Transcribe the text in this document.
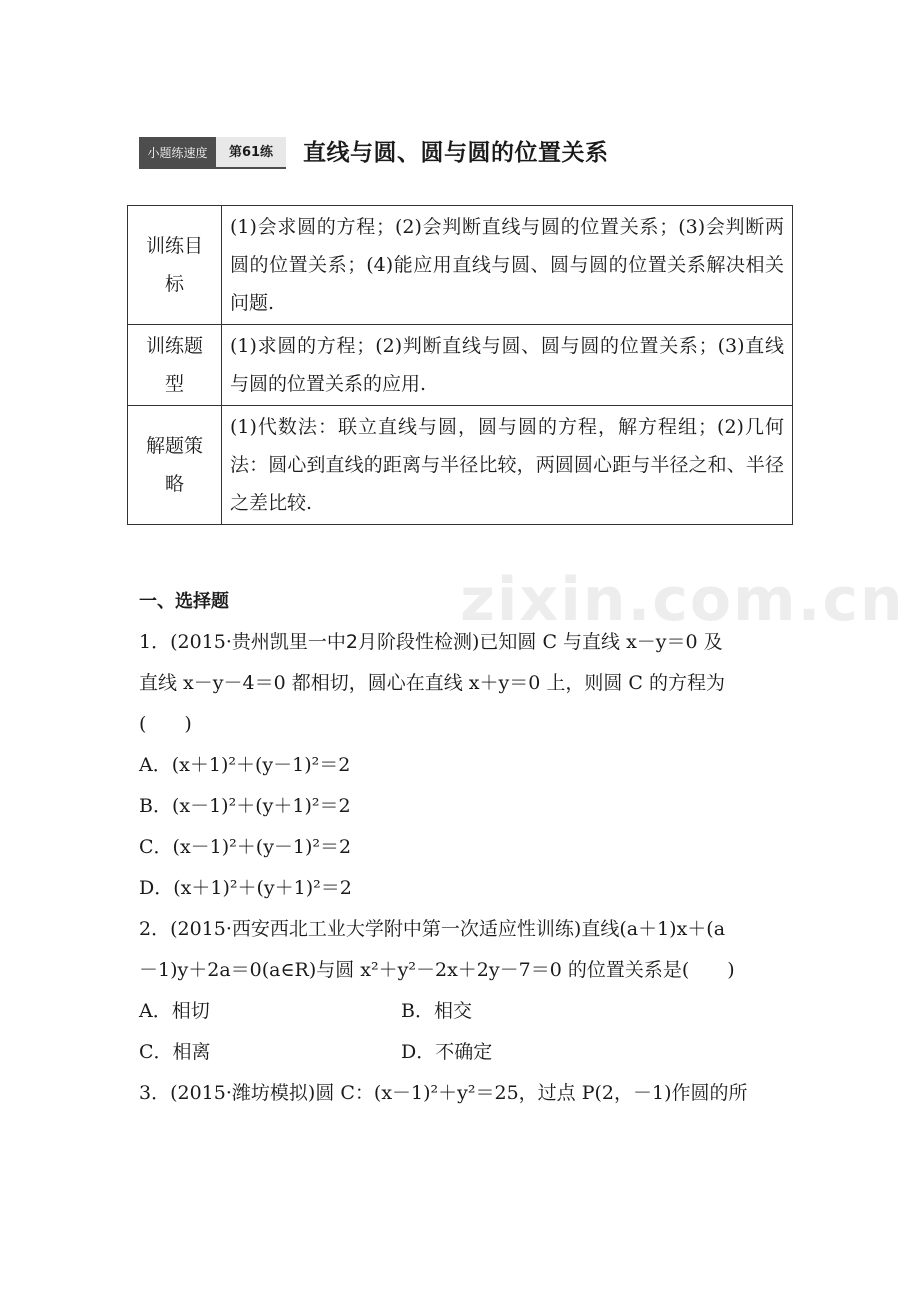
zixin.com.cn
小题练速度	第61练	直线与圆、圆与圆的位置关系
训练目标	(1)会求圆的方程；(2)会判断直线与圆的位置关系；(3)会判断两圆的位置关系；(4)能应用直线与圆、圆与圆的位置关系解决相关问题.
训练题型	(1)求圆的方程；(2)判断直线与圆、圆与圆的位置关系；(3)直线与圆的位置关系的应用.
解题策略	(1)代数法：联立直线与圆，圆与圆的方程，解方程组；(2)几何法：圆心到直线的距离与半径比较，两圆圆心距与半径之和、半径之差比较.
一、选择题
1．(2015·贵州凯里一中2月阶段性检测)已知圆 C 与直线 x－y＝0 及
直线 x－y－4＝0 都相切，圆心在直线 x＋y＝0 上，则圆 C 的方程为
(　　)
A．(x＋1)²＋(y－1)²＝2
B．(x－1)²＋(y＋1)²＝2
C．(x－1)²＋(y－1)²＝2
D．(x＋1)²＋(y＋1)²＝2
2．(2015·西安西北工业大学附中第一次适应性训练)直线(a＋1)x＋(a
－1)y＋2a＝0(a∈R)与圆 x²＋y²－2x＋2y－7＝0 的位置关系是(　　)
A．相切	B．相交
C．相离	D．不确定
3．(2015·潍坊模拟)圆 C：(x－1)²＋y²＝25，过点 P(2，－1)作圆的所
